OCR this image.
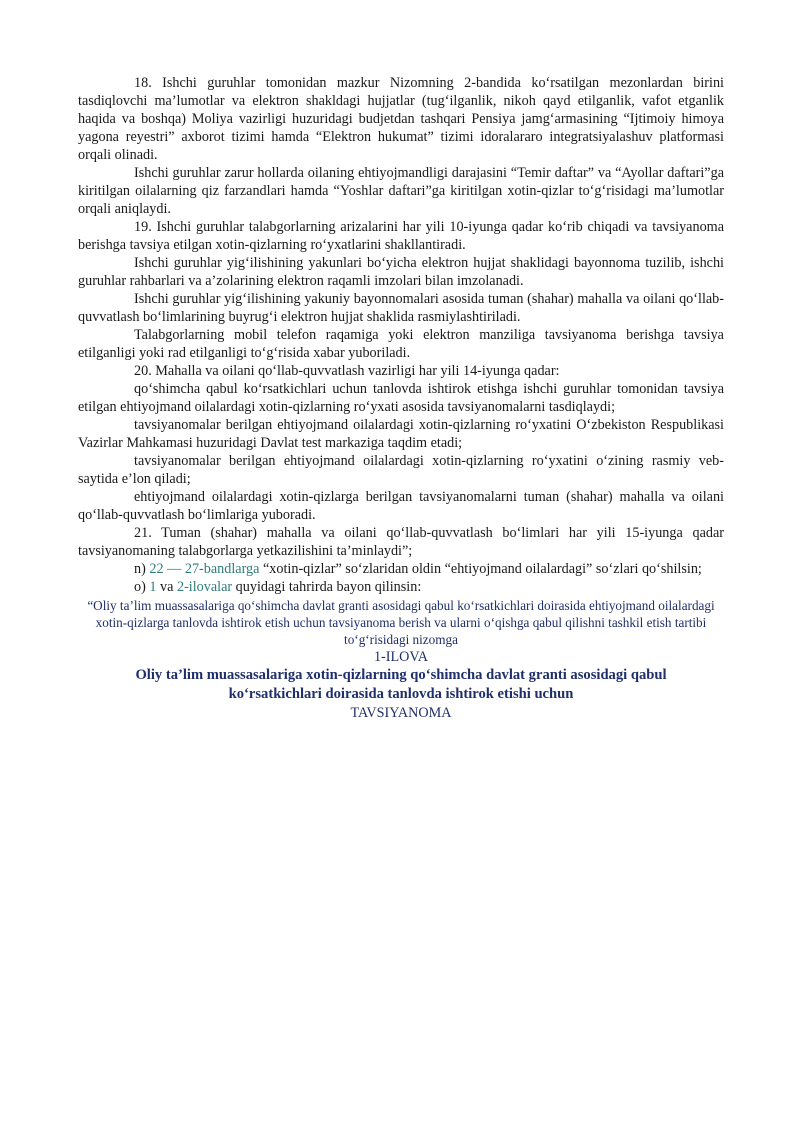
18. Ishchi guruhlar tomonidan mazkur Nizomning 2-bandida ko‘rsatilgan mezonlardan birini tasdiqlovchi ma’lumotlar va elektron shakldagi hujjatlar (tug‘ilganlik, nikoh qayd etilganlik, vafot etganlik haqida va boshqa) Moliya vazirligi huzuridagi budjetdan tashqari Pensiya jamg‘armasining “Ijtimoiy himoya yagona reyestri” axborot tizimi hamda “Elektron hukumat” tizimi idoralararo integratsiyalashuv platformasi orqali olinadi.

Ishchi guruhlar zarur hollarda oilaning ehtiyojmandligi darajasini “Temir daftar” va “Ayollar daftari”ga kiritilgan oilalarning qiz farzandlari hamda “Yoshlar daftari”ga kiritilgan xotin-qizlar to‘g‘risidagi ma’lumotlar orqali aniqlaydi.

19. Ishchi guruhlar talabgorlarning arizalarini har yili 10-iyunga qadar ko‘rib chiqadi va tavsiyanoma berishga tavsiya etilgan xotin-qizlarning ro‘yxatlarini shakllantiradi.

Ishchi guruhlar yig‘ilishining yakunlari bo‘yicha elektron hujjat shaklidagi bayonnoma tuzilib, ishchi guruhlar rahbarlari va a’zolarining elektron raqamli imzolari bilan imzolanadi.

Ishchi guruhlar yig‘ilishining yakuniy bayonnomalari asosida tuman (shahar) mahalla va oilani qo‘llab-quvvatlash bo‘limlarining buyrug‘i elektron hujjat shaklida rasmiylashtiriladi.

Talabgorlarning mobil telefon raqamiga yoki elektron manziliga tavsiyanoma berishga tavsiya etilganligi yoki rad etilganligi to‘g‘risida xabar yuboriladi.

20. Mahalla va oilani qo‘llab-quvvatlash vazirligi har yili 14-iyunga qadar:

qo‘shimcha qabul ko‘rsatkichlari uchun tanlovda ishtirok etishga ishchi guruhlar tomonidan tavsiya etilgan ehtiyojmand oilalardagi xotin-qizlarning ro‘yxati asosida tavsiyanomalarni tasdiqlaydi;

tavsiyanomalar berilgan ehtiyojmand oilalardagi xotin-qizlarning ro‘yxatini O‘zbekiston Respublikasi Vazirlar Mahkamasi huzuridagi Davlat test markaziga taqdim etadi;

tavsiyanomalar berilgan ehtiyojmand oilalardagi xotin-qizlarning ro‘yxatini o‘zining rasmiy veb-saytida e’lon qiladi;

ehtiyojmand oilalardagi xotin-qizlarga berilgan tavsiyanomalarni tuman (shahar) mahalla va oilani qo‘llab-quvvatlash bo‘limlariga yuboradi.

21. Tuman (shahar) mahalla va oilani qo‘llab-quvvatlash bo‘limlari har yili 15-iyunga qadar tavsiyanomaning talabgorlarga yetkazilishini ta’minlaydi”;

n) 22 — 27-bandlarga “xotin-qizlar” so‘zlaridan oldin “ehtiyojmand oilalardagi” so‘zlari qo‘shilsin;

o) 1 va 2-ilovalar quyidagi tahrirda bayon qilinsin:

“Oliy ta’lim muassasalariga qo‘shimcha davlat granti asosidagi qabul ko‘rsatkichlari doirasida ehtiyojmand oilalardagi xotin-qizlarga tanlovda ishtirok etish uchun tavsiyanoma berish va ularni o‘qishga qabul qilishni tashkil etish tartibi to‘g‘risidagi nizomga
1-ILOVA
Oliy ta’lim muassasalariga xotin-qizlarning qo‘shimcha davlat granti asosidagi qabul ko‘rsatkichlari doirasida tanlovda ishtirok etishi uchun
TAVSIYANOMA
